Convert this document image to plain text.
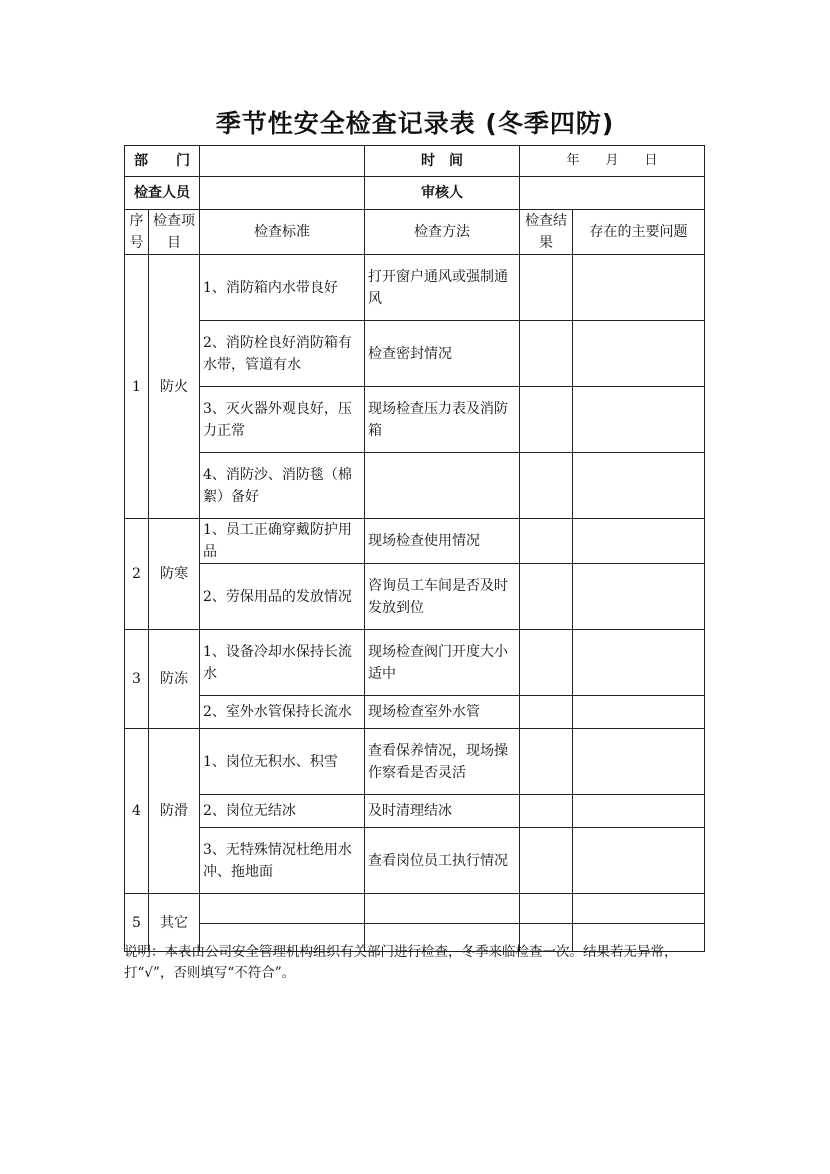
季节性安全检查记录表 (冬季四防)
部　　门			时　间	年　　月　　日	
检查人员			审核人		
序号	检查项目	检查标准	检查方法	检查结果	存在的主要问题
1	防火	1、消防箱内水带良好	打开窗户通风或强制通风		
		2、消防栓良好消防箱有水带，管道有水	检查密封情况		
		3、灭火器外观良好，压力正常	现场检查压力表及消防箱		
		4、消防沙、消防毯（棉絮）备好			
2	防寒	1、员工正确穿戴防护用品	现场检查使用情况		
		2、劳保用品的发放情况	咨询员工车间是否及时发放到位		
3	防冻	1、设备冷却水保持长流水	现场检查阀门开度大小适中		
		2、室外水管保持长流水	现场检查室外水管		
4	防滑	1、岗位无积水、积雪	查看保养情况，现场操作察看是否灵活		
		2、岗位无结冰	及时清理结冰		
		3、无特殊情况杜绝用水冲、拖地面	查看岗位员工执行情况		
5	其它				

说明：本表由公司安全管理机构组织有关部门进行检查，冬季来临检查一次。结果若无异常，打“√”，否则填写“不符合”。
